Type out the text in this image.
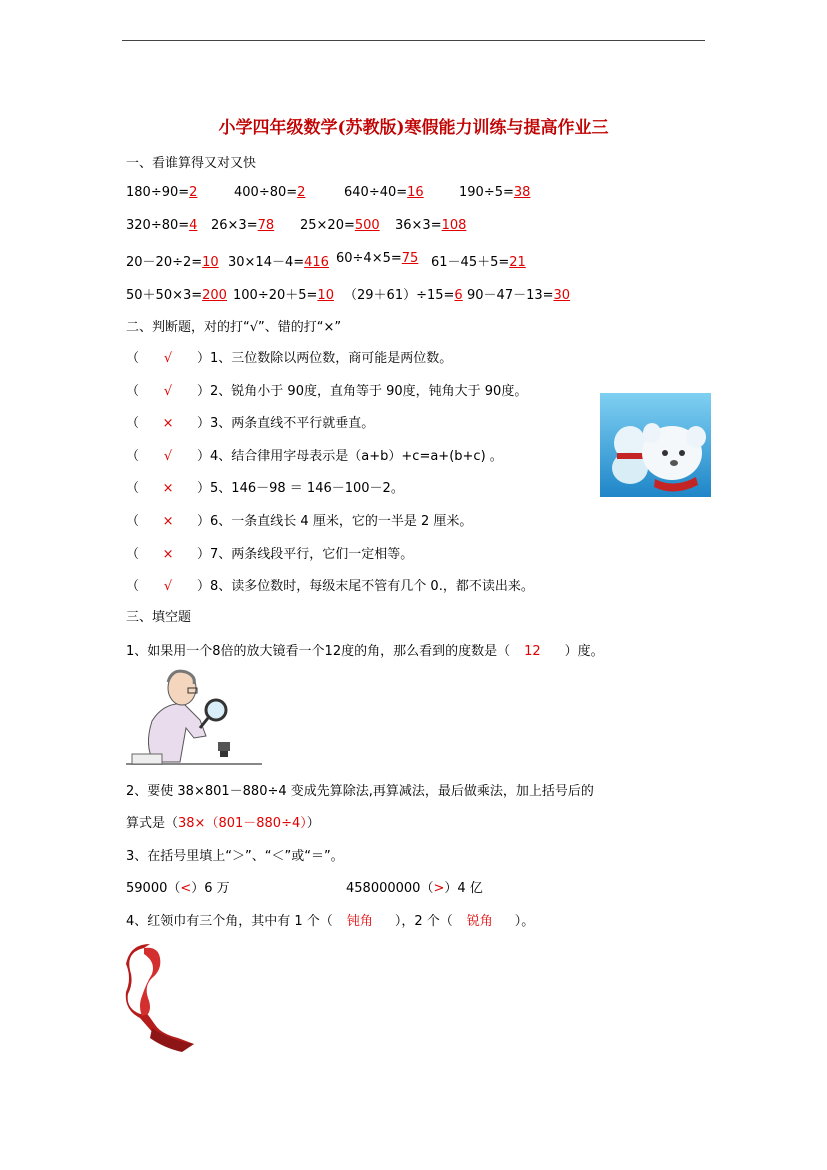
小学四年级数学(苏教版)寒假能力训练与提高作业三
一、看谁算得又对又快
180÷90=2	400÷80=2	640÷40=16	190÷5=38
320÷80=4 26×3=78 25×20=500 36×3=108
20－20÷2=10 30×14－4=416 60÷4×5=75 61－45＋5=21
50＋50×3=200 100÷20＋5=10 （29＋61）÷15=6 90－47－13=30
二、判断题，对的打“√”、错的打“×”
（ √ ）1、三位数除以两位数，商可能是两位数。
（ √ ）2、锐角小于 90度，直角等于 90度，钝角大于 90度。
（ × ）3、两条直线不平行就垂直。
（ √ ）4、结合律用字母表示是（a+b）+c=a+(b+c) 。
（ × ）5、146－98 ＝ 146－100－2。
（ × ）6、一条直线长 4 厘米，它的一半是 2 厘米。
（ × ）7、两条线段平行，它们一定相等。
（ √ ）8、读多位数时，每级末尾不管有几个 0.，都不读出来。
三、填空题
1、如果用一个8倍的放大镜看一个12度的角，那么看到的度数是（ 12 ）度。
2、要使 38×801－880÷4 变成先算除法,再算减法，最后做乘法，加上括号后的
算式是（38×（801－880÷4））
3、在括号里填上“＞”、“＜”或“＝”。
59000（<）6 万	458000000（>）4 亿
4、红领巾有三个角，其中有 1 个（ 钝角 ），2 个（ 锐角 ）。
